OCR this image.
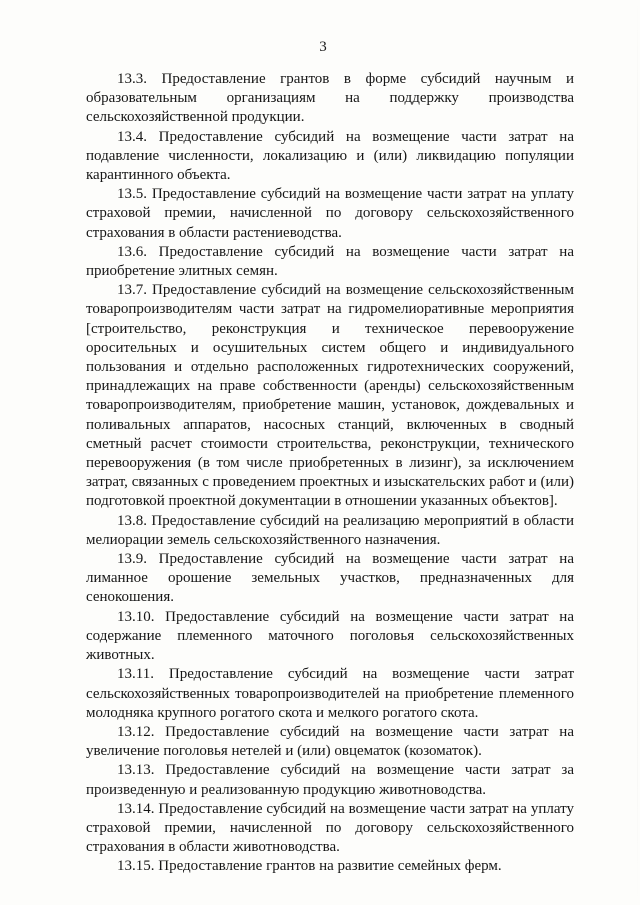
3

13.3. Предоставление грантов в форме субсидий научным и образовательным организациям на поддержку производства сельскохозяйственной продукции.

13.4. Предоставление субсидий на возмещение части затрат на подавление численности, локализацию и (или) ликвидацию популяции карантинного объекта.

13.5. Предоставление субсидий на возмещение части затрат на уплату страховой премии, начисленной по договору сельскохозяйственного страхования в области растениеводства.

13.6. Предоставление субсидий на возмещение части затрат на приобретение элитных семян.

13.7. Предоставление субсидий на возмещение сельскохозяйственным товаропроизводителям части затрат на гидромелиоративные мероприятия [строительство, реконструкция и техническое перевооружение оросительных и осушительных систем общего и индивидуального пользования и отдельно расположенных гидротехнических сооружений, принадлежащих на праве собственности (аренды) сельскохозяйственным товаропроизводителям, приобретение машин, установок, дождевальных и поливальных аппаратов, насосных станций, включенных в сводный сметный расчет стоимости строительства, реконструкции, технического перевооружения (в том числе приобретенных в лизинг), за исключением затрат, связанных с проведением проектных и изыскательских работ и (или) подготовкой проектной документации в отношении указанных объектов].

13.8. Предоставление субсидий на реализацию мероприятий в области мелиорации земель сельскохозяйственного назначения.

13.9. Предоставление субсидий на возмещение части затрат на лиманное орошение земельных участков, предназначенных для сенокошения.

13.10. Предоставление субсидий на возмещение части затрат на содержание племенного маточного поголовья сельскохозяйственных животных.

13.11. Предоставление субсидий на возмещение части затрат сельскохозяйственных товаропроизводителей на приобретение племенного молодняка крупного рогатого скота и мелкого рогатого скота.

13.12. Предоставление субсидий на возмещение части затрат на увеличение поголовья нетелей и (или) овцематок (козоматок).

13.13. Предоставление субсидий на возмещение части затрат за произведенную и реализованную продукцию животноводства.

13.14. Предоставление субсидий на возмещение части затрат на уплату страховой премии, начисленной по договору сельскохозяйственного страхования в области животноводства.

13.15. Предоставление грантов на развитие семейных ферм.
